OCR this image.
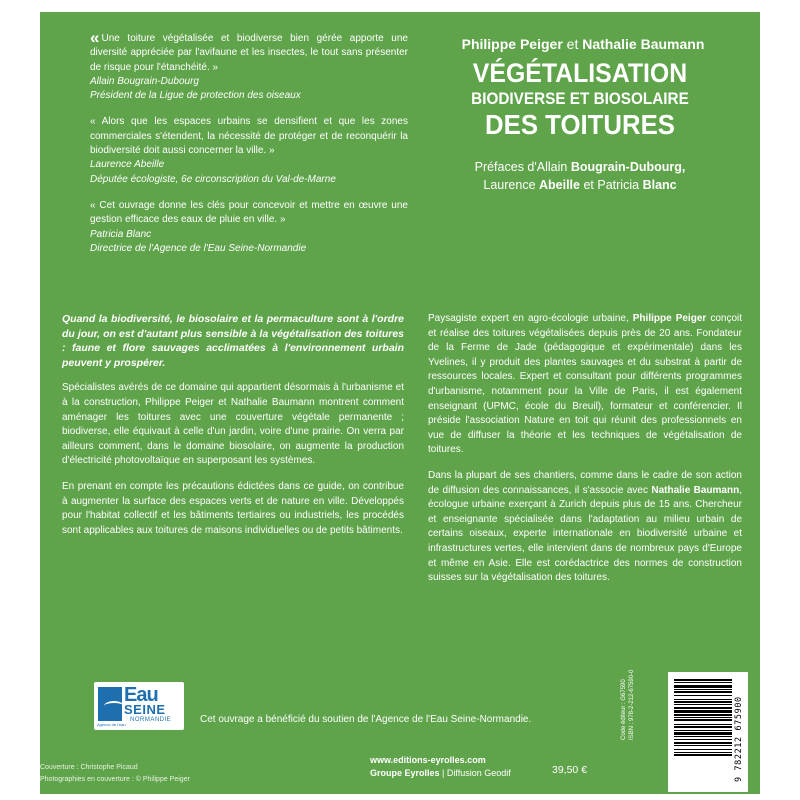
« Une toiture végétalisée et biodiverse bien gérée apporte une diversité appréciée par l'avifaune et les insectes, le tout sans présenter de risque pour l'étanchéité. »

Allain Bougrain-Dubourg
Président de la Ligue de protection des oiseaux

« Alors que les espaces urbains se densifient et que les zones commerciales s'étendent, la nécessité de protéger et de reconquérir la biodiversité doit aussi concerner la ville. »

Laurence Abeille
Députée écologiste, 6e circonscription du Val-de-Marne

« Cet ouvrage donne les clés pour concevoir et mettre en œuvre une gestion efficace des eaux de pluie en ville. »

Patricia Blanc
Directrice de l'Agence de l'Eau Seine-Normandie

Philippe Peiger et Nathalie Baumann

VÉGÉTALISATION

BIODIVERSE ET BIOSOLAIRE

DES TOITURES

Préfaces d'Allain Bougrain-Dubourg,
Laurence Abeille et Patricia Blanc

Quand la biodiversité, le biosolaire et la permaculture sont à l'ordre du jour, on est d'autant plus sensible à la végétalisation des toitures : faune et flore sauvages acclimatées à l'environnement urbain peuvent y prospérer.

Spécialistes avérés de ce domaine qui appartient désormais à l'urbanisme et à la construction, Philippe Peiger et Nathalie Baumann montrent comment aménager les toitures avec une couverture végétale permanente ; biodiverse, elle équivaut à celle d'un jardin, voire d'une prairie. On verra par ailleurs comment, dans le domaine biosolaire, on augmente la production d'électricité photovoltaïque en superposant les systèmes.

En prenant en compte les précautions édictées dans ce guide, on contribue à augmenter la surface des espaces verts et de nature en ville. Développés pour l'habitat collectif et les bâtiments tertiaires ou industriels, les procédés sont applicables aux toitures de maisons individuelles ou de petits bâtiments.

Paysagiste expert en agro-écologie urbaine, Philippe Peiger conçoit et réalise des toitures végétalisées depuis près de 20 ans. Fondateur de la Ferme de Jade (pédagogique et expérimentale) dans les Yvelines, il y produit des plantes sauvages et du substrat à partir de ressources locales. Expert et consultant pour différents programmes d'urbanisme, notamment pour la Ville de Paris, il est également enseignant (UPMC, école du Breuil), formateur et conférencier. Il préside l'association Nature en toit qui réunit des professionnels en vue de diffuser la théorie et les techniques de végétalisation de toitures.

Dans la plupart de ses chantiers, comme dans le cadre de son action de diffusion des connaissances, il s'associe avec Nathalie Baumann, écologue urbaine exerçant à Zurich depuis plus de 15 ans. Chercheur et enseignante spécialisée dans l'adaptation au milieu urbain de certains oiseaux, experte internationale en biodiversité urbaine et infrastructures vertes, elle intervient dans de nombreux pays d'Europe et même en Asie. Elle est corédactrice des normes de construction suisses sur la végétalisation des toitures.

Eau
SEINE
NORMANDIE
Agence de l'eau	Cet ouvrage a bénéficié du soutien de l'Agence de l'Eau Seine-Normandie.
Couverture : Christophe Picaud
Photographies en couverture : © Philippe Peiger
www.editions-eyrolles.com
Groupe Eyrolles | Diffusion Geodif	39,50 €
Code éditeur : G67590 ISBN : 978-2-212-67590-0	9 782212 675900
